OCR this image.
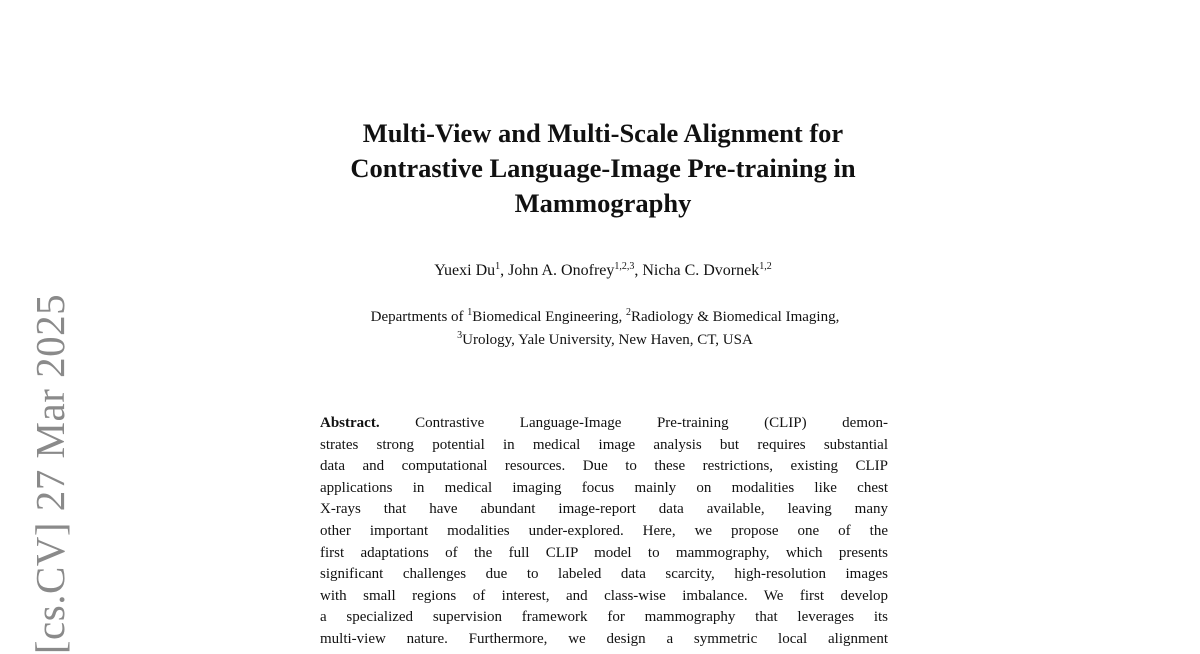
[cs.CV] 27 Mar 2025
Multi-View and Multi-Scale Alignment for
Contrastive Language-Image Pre-training in
Mammography
Yuexi Du$^1$, John A. Onofrey$^{1,2,3}$, Nicha C. Dvornek$^{1,2}$
Departments of $^1$Biomedical Engineering, $^2$Radiology & Biomedical Imaging,
$^3$Urology, Yale University, New Haven, CT, USA
Abstract. Contrastive Language-Image Pre-training (CLIP) demon-
strates strong potential in medical image analysis but requires substantial
data and computational resources. Due to these restrictions, existing CLIP
applications in medical imaging focus mainly on modalities like chest
X-rays that have abundant image-report data available, leaving many
other important modalities under-explored. Here, we propose one of the
first adaptations of the full CLIP model to mammography, which presents
significant challenges due to labeled data scarcity, high-resolution images
with small regions of interest, and class-wise imbalance. We first develop
a specialized supervision framework for mammography that leverages its
multi-view nature. Furthermore, we design a symmetric local alignment
